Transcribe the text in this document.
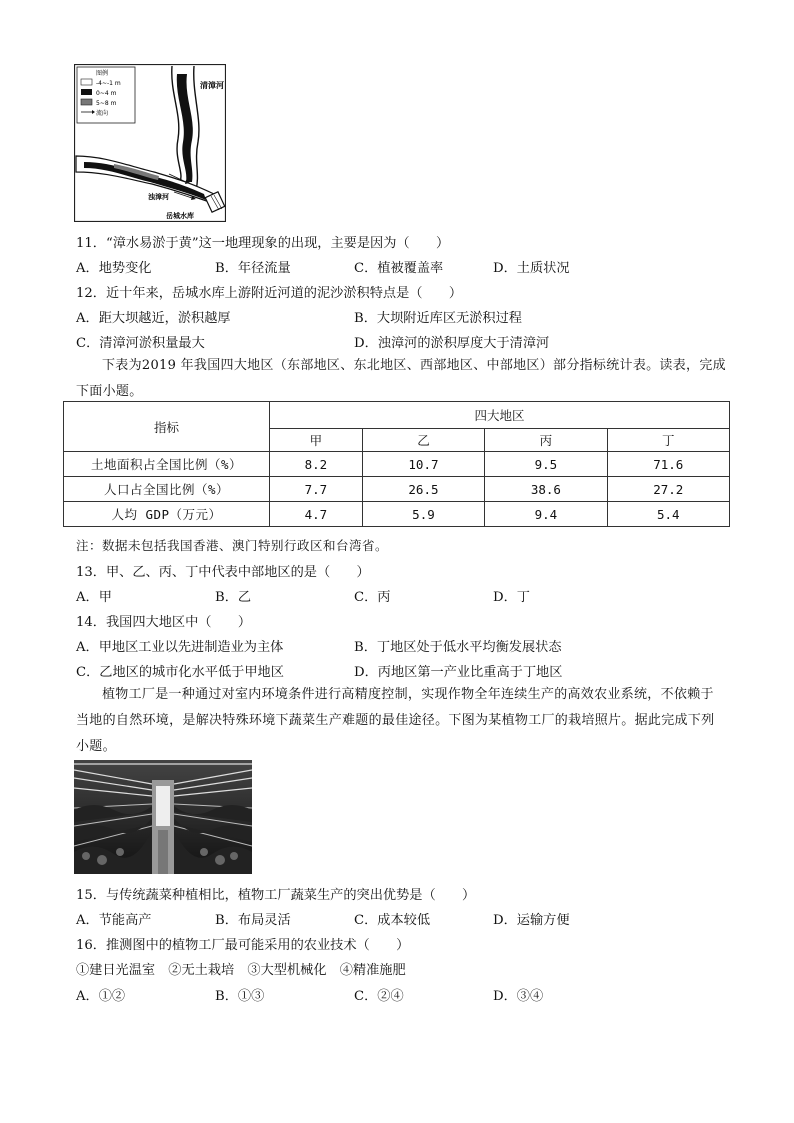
图例
-4~-1 m
0~4 m
5~8 m
流向
清漳河
浊漳河
岳城水库
11．“漳水易淤于黄”这一地理现象的出现，主要是因为（　　）
A．地势变化	B．年径流量	C．植被覆盖率	D．土质状况
12．近十年来，岳城水库上游附近河道的泥沙淤积特点是（　　）
A．距大坝越近，淤积越厚	B．大坝附近库区无淤积过程
C．清漳河淤积量最大	D．浊漳河的淤积厚度大于清漳河
下表为2019 年我国四大地区（东部地区、东北地区、西部地区、中部地区）部分指标统计表。读表，完成下面小题。
指标	四大地区			
	甲	乙	丙	丁
土地面积占全国比例（%）	8.2	10.7	9.5	71.6
人口占全国比例（%）	7.7	26.5	38.6	27.2
人均 GDP（万元）	4.7	5.9	9.4	5.4
注：数据未包括我国香港、澳门特别行政区和台湾省。
13．甲、乙、丙、丁中代表中部地区的是（　　）
A．甲	B．乙	C．丙	D．丁
14．我国四大地区中（　　）
A．甲地区工业以先进制造业为主体	B．丁地区处于低水平均衡发展状态
C．乙地区的城市化水平低于甲地区	D．丙地区第一产业比重高于丁地区
植物工厂是一种通过对室内环境条件进行高精度控制，实现作物全年连续生产的高效农业系统，不依赖于当地的自然环境，是解决特殊环境下蔬菜生产难题的最佳途径。下图为某植物工厂的栽培照片。据此完成下列小题。
15．与传统蔬菜种植相比，植物工厂蔬菜生产的突出优势是（　　）
A．节能高产	B．布局灵活	C．成本较低	D．运输方便
16．推测图中的植物工厂最可能采用的农业技术（　　）
①建日光温室　②无土栽培　③大型机械化　④精准施肥
A．①②	B．①③	C．②④	D．③④
